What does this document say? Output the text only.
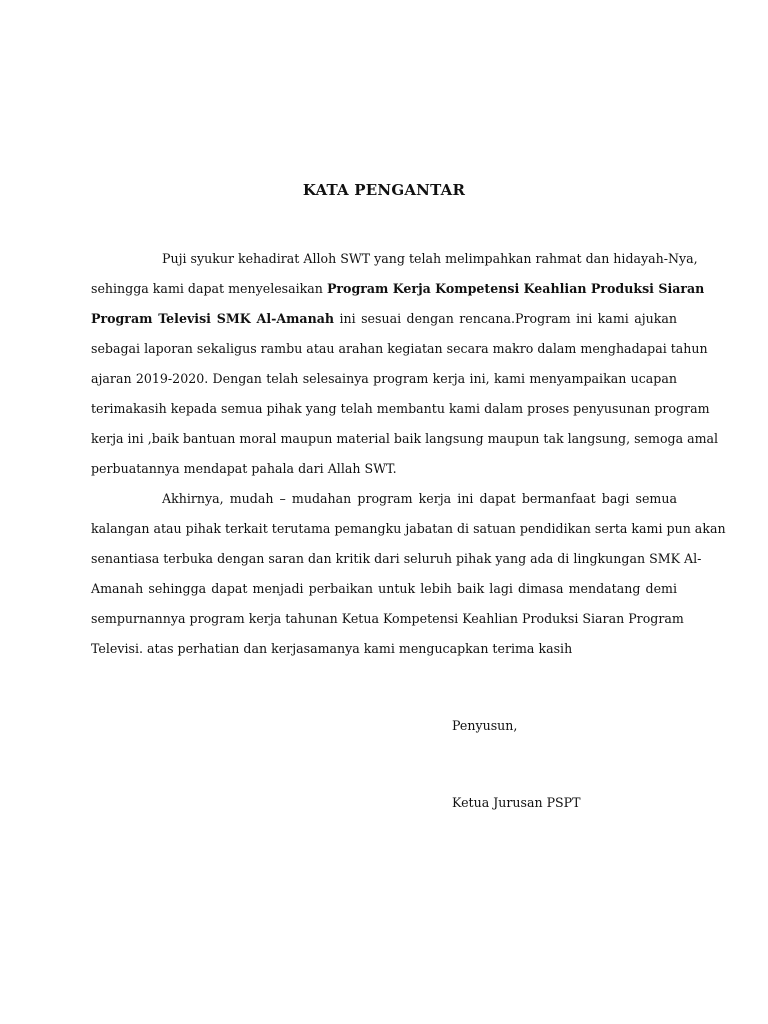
KATA PENGANTAR
Puji syukur kehadirat Alloh SWT yang telah melimpahkan rahmat dan hidayah-Nya,
sehingga kami dapat menyelesaikan Program Kerja Kompetensi Keahlian Produksi Siaran
Program Televisi SMK Al-Amanah ini sesuai dengan rencana.Program ini kami ajukan
sebagai laporan sekaligus rambu atau arahan kegiatan secara makro dalam menghadapai tahun
ajaran 2019-2020. Dengan telah selesainya program kerja ini, kami menyampaikan ucapan
terimakasih kepada semua pihak yang telah membantu kami dalam proses penyusunan program
kerja ini ,baik bantuan moral maupun material baik langsung maupun tak langsung, semoga amal
perbuatannya mendapat pahala dari Allah SWT.
Akhirnya, mudah – mudahan program kerja ini dapat bermanfaat bagi semua
kalangan atau pihak terkait terutama pemangku jabatan di satuan pendidikan serta kami pun akan
senantiasa terbuka dengan saran dan kritik dari seluruh pihak yang ada di lingkungan SMK Al-
Amanah sehingga dapat menjadi perbaikan untuk lebih baik lagi dimasa mendatang demi
sempurnannya program kerja tahunan Ketua Kompetensi Keahlian Produksi Siaran Program
Televisi. atas perhatian dan kerjasamanya kami mengucapkan terima kasih
Penyusun,
Ketua Jurusan PSPT
